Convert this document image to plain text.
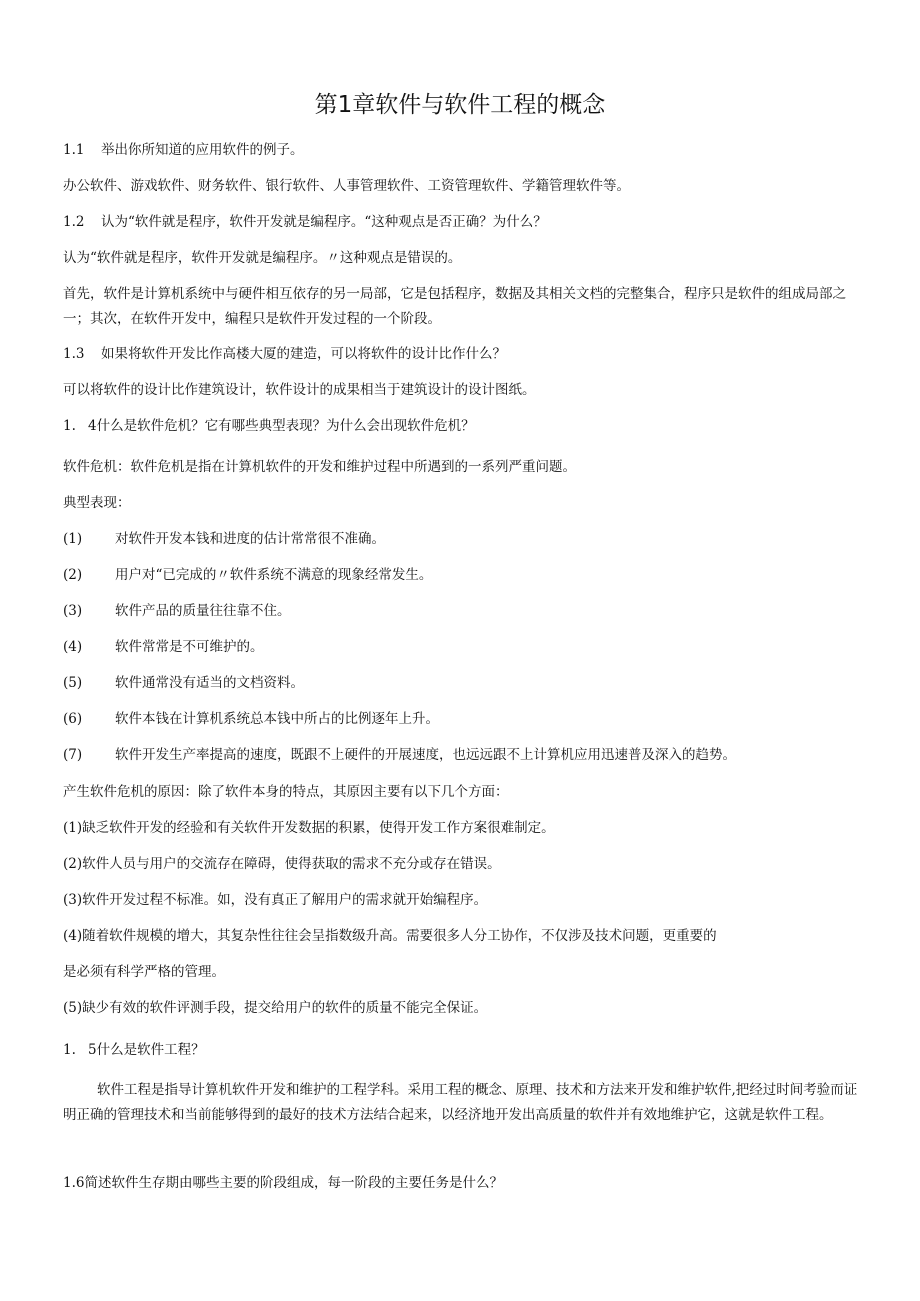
第1章软件与软件工程的概念
1.1 举出你所知道的应用软件的例子。
办公软件、游戏软件、财务软件、银行软件、人事管理软件、工资管理软件、学籍管理软件等。
1.2 认为“软件就是程序，软件开发就是编程序。“这种观点是否正确？为什么？
认为“软件就是程序，软件开发就是编程序。〃这种观点是错误的。
首先，软件是计算机系统中与硬件相互依存的另一局部，它是包括程序，数据及其相关文档的完整集合，程序只是软件的组成局部之一；其次，在软件开发中，编程只是软件开发过程的一个阶段。
1.3 如果将软件开发比作高楼大厦的建造，可以将软件的设计比作什么？
可以将软件的设计比作建筑设计，软件设计的成果相当于建筑设计的设计图纸。
1. 4什么是软件危机？它有哪些典型表现？为什么会出现软件危机？
软件危机：软件危机是指在计算机软件的开发和维护过程中所遇到的一系列严重问题。
典型表现：
(1) 对软件开发本钱和进度的估计常常很不准确。
(2) 用户对“已完成的〃软件系统不满意的现象经常发生。
(3) 软件产品的质量往往靠不住。
(4) 软件常常是不可维护的。
(5) 软件通常没有适当的文档资料。
(6) 软件本钱在计算机系统总本钱中所占的比例逐年上升。
(7) 软件开发生产率提高的速度，既跟不上硬件的开展速度，也远远跟不上计算机应用迅速普及深入的趋势。
产生软件危机的原因：除了软件本身的特点，其原因主要有以下几个方面：
(1)缺乏软件开发的经验和有关软件开发数据的积累，使得开发工作方案很难制定。
(2)软件人员与用户的交流存在障碍，使得获取的需求不充分或存在错误。
(3)软件开发过程不标准。如，没有真正了解用户的需求就开始编程序。
(4)随着软件规模的增大，其复杂性往往会呈指数级升高。需要很多人分工协作，不仅涉及技术问题，更重要的
是必须有科学严格的管理。
(5)缺少有效的软件评测手段，提交给用户的软件的质量不能完全保证。
1. 5什么是软件工程？
软件工程是指导计算机软件开发和维护的工程学科。采用工程的概念、原理、技术和方法来开发和维护软件,把经过时间考验而证明正确的管理技术和当前能够得到的最好的技术方法结合起来，以经济地开发出高质量的软件并有效地维护它，这就是软件工程。
1.6简述软件生存期由哪些主要的阶段组成，每一阶段的主要任务是什么？
